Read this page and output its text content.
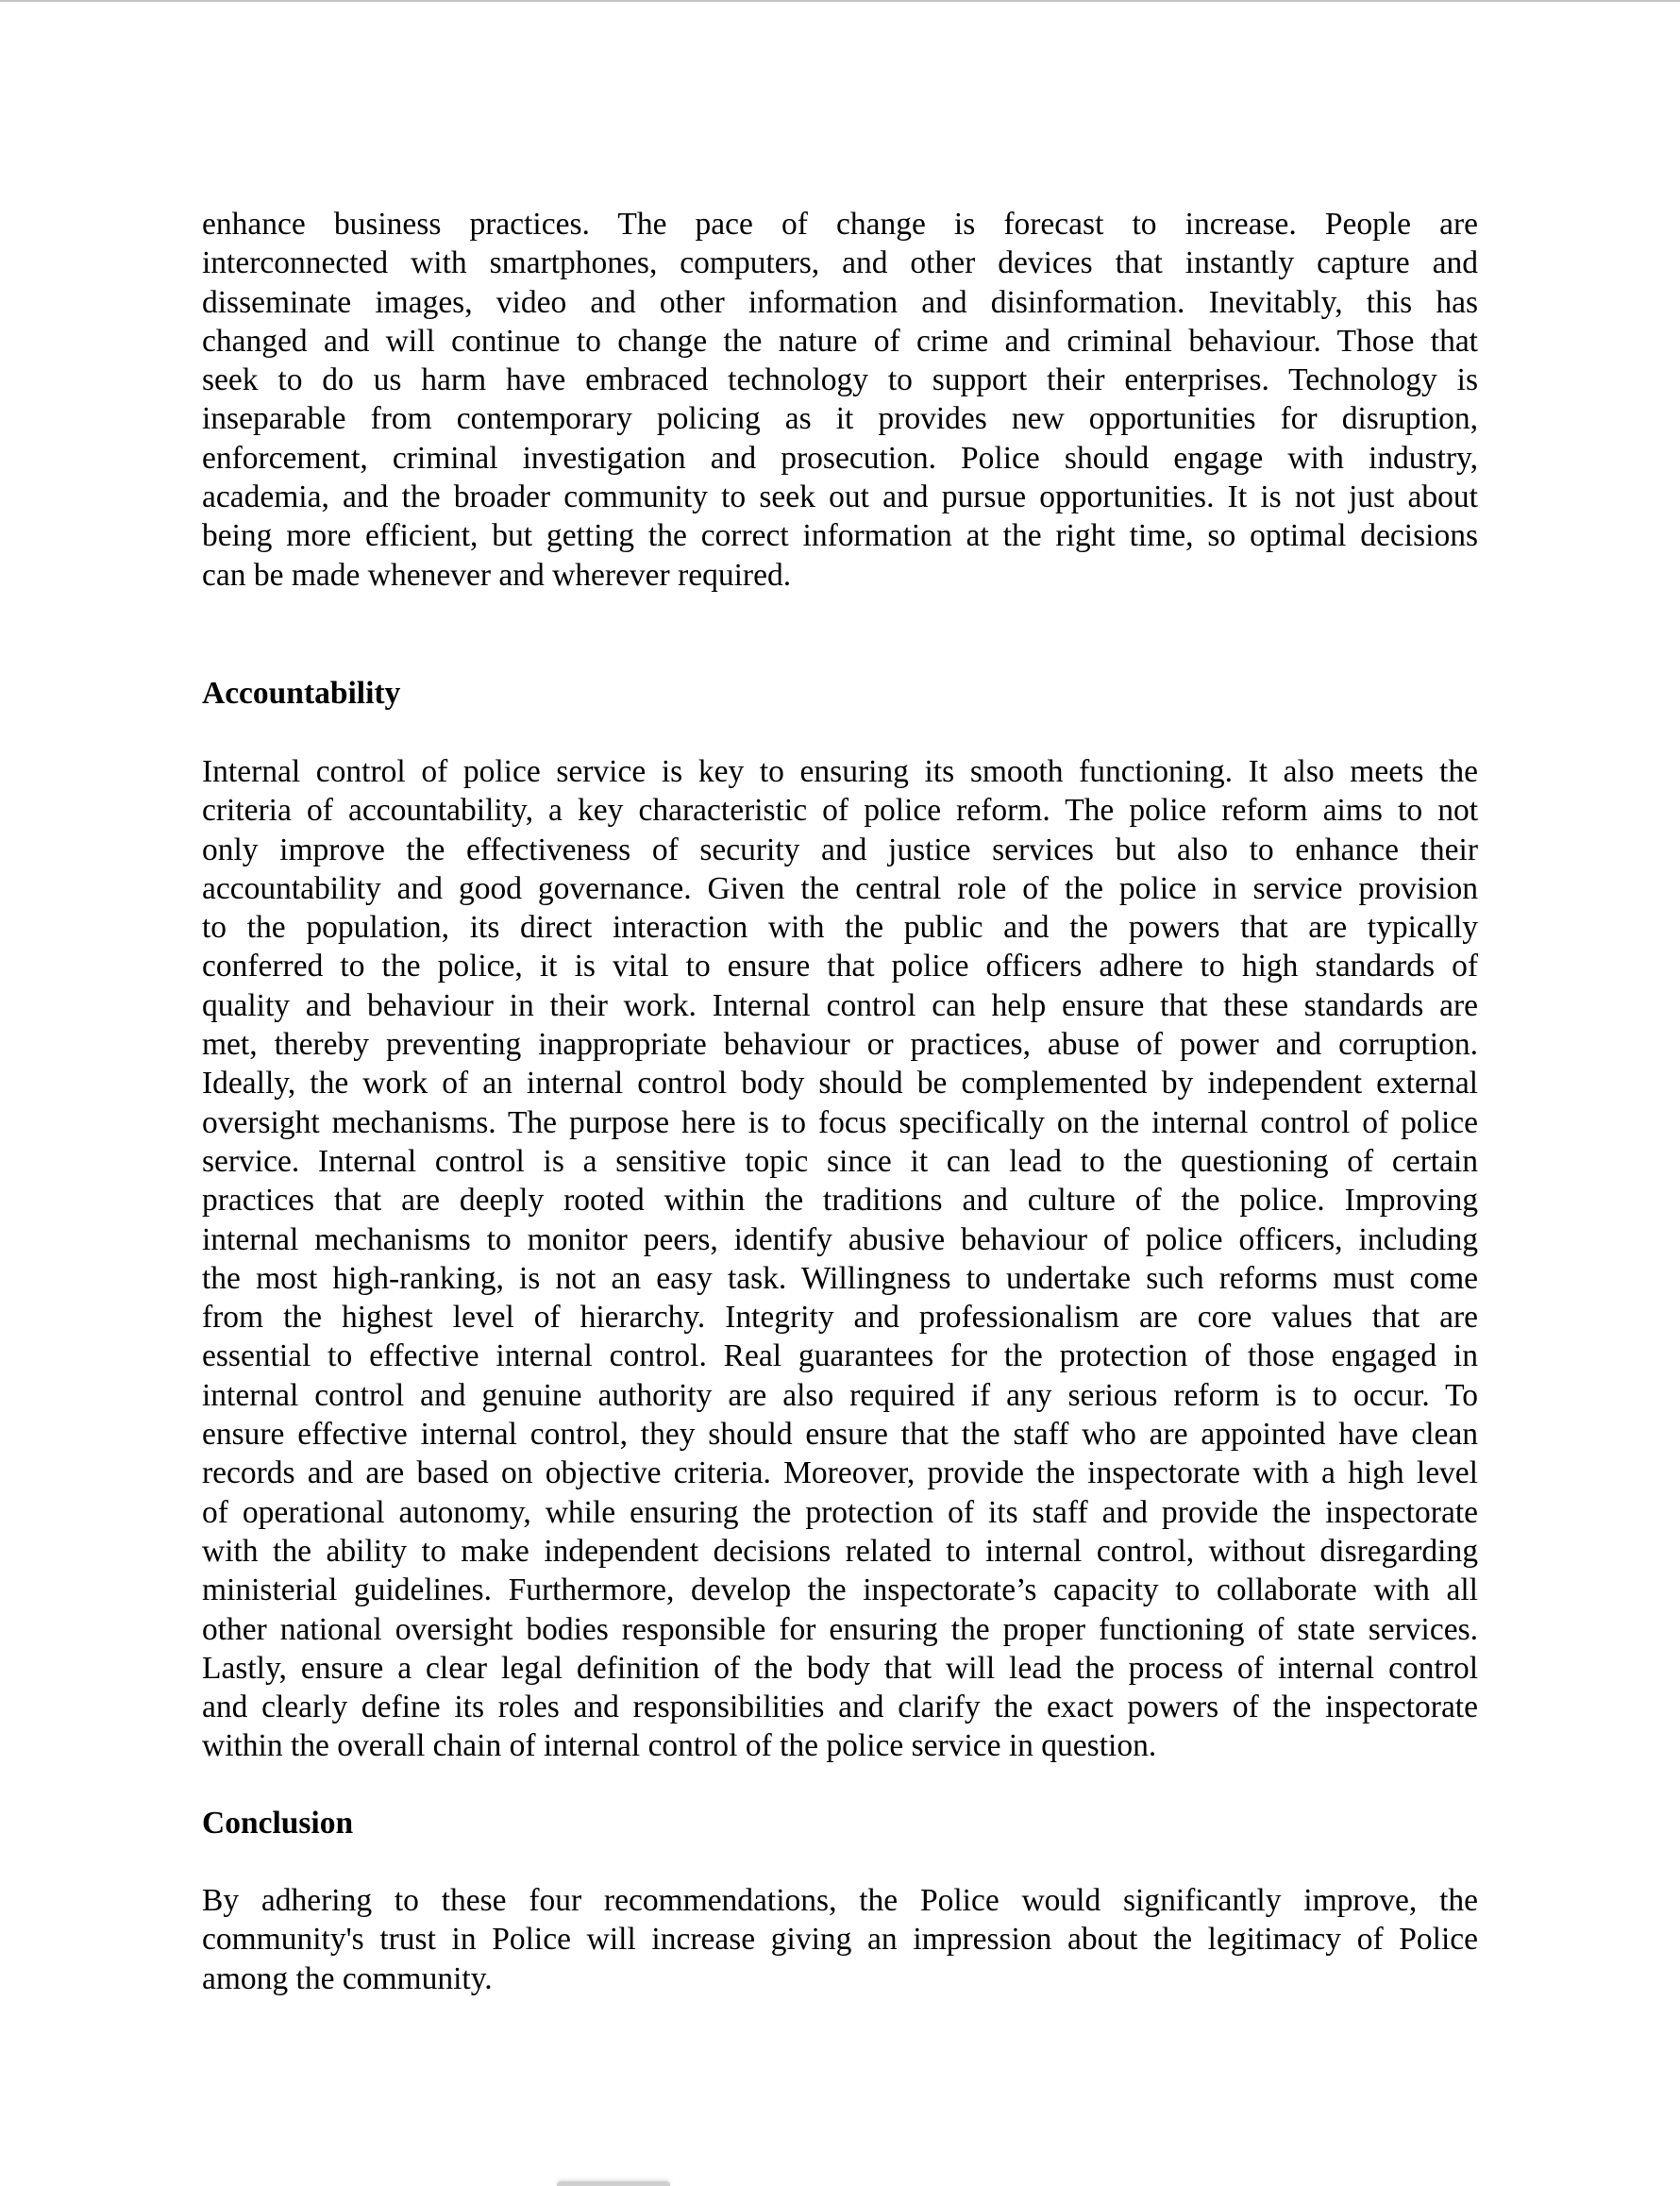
enhance business practices. The pace of change is forecast to increase. People are
interconnected with smartphones, computers, and other devices that instantly capture and
disseminate images, video and other information and disinformation. Inevitably, this has
changed and will continue to change the nature of crime and criminal behaviour. Those that
seek to do us harm have embraced technology to support their enterprises. Technology is
inseparable from contemporary policing as it provides new opportunities for disruption,
enforcement, criminal investigation and prosecution. Police should engage with industry,
academia, and the broader community to seek out and pursue opportunities. It is not just about
being more efficient, but getting the correct information at the right time, so optimal decisions
can be made whenever and wherever required.
Accountability
Internal control of police service is key to ensuring its smooth functioning. It also meets the
criteria of accountability, a key characteristic of police reform. The police reform aims to not
only improve the effectiveness of security and justice services but also to enhance their
accountability and good governance. Given the central role of the police in service provision
to the population, its direct interaction with the public and the powers that are typically
conferred to the police, it is vital to ensure that police officers adhere to high standards of
quality and behaviour in their work. Internal control can help ensure that these standards are
met, thereby preventing inappropriate behaviour or practices, abuse of power and corruption.
Ideally, the work of an internal control body should be complemented by independent external
oversight mechanisms. The purpose here is to focus specifically on the internal control of police
service. Internal control is a sensitive topic since it can lead to the questioning of certain
practices that are deeply rooted within the traditions and culture of the police. Improving
internal mechanisms to monitor peers, identify abusive behaviour of police officers, including
the most high-ranking, is not an easy task. Willingness to undertake such reforms must come
from the highest level of hierarchy. Integrity and professionalism are core values that are
essential to effective internal control. Real guarantees for the protection of those engaged in
internal control and genuine authority are also required if any serious reform is to occur. To
ensure effective internal control, they should ensure that the staff who are appointed have clean
records and are based on objective criteria. Moreover, provide the inspectorate with a high level
of operational autonomy, while ensuring the protection of its staff and provide the inspectorate
with the ability to make independent decisions related to internal control, without disregarding
ministerial guidelines. Furthermore, develop the inspectorate’s capacity to collaborate with all
other national oversight bodies responsible for ensuring the proper functioning of state services.
Lastly, ensure a clear legal definition of the body that will lead the process of internal control
and clearly define its roles and responsibilities and clarify the exact powers of the inspectorate
within the overall chain of internal control of the police service in question.
Conclusion
By adhering to these four recommendations, the Police would significantly improve, the
community's trust in Police will increase giving an impression about the legitimacy of Police
among the community.
